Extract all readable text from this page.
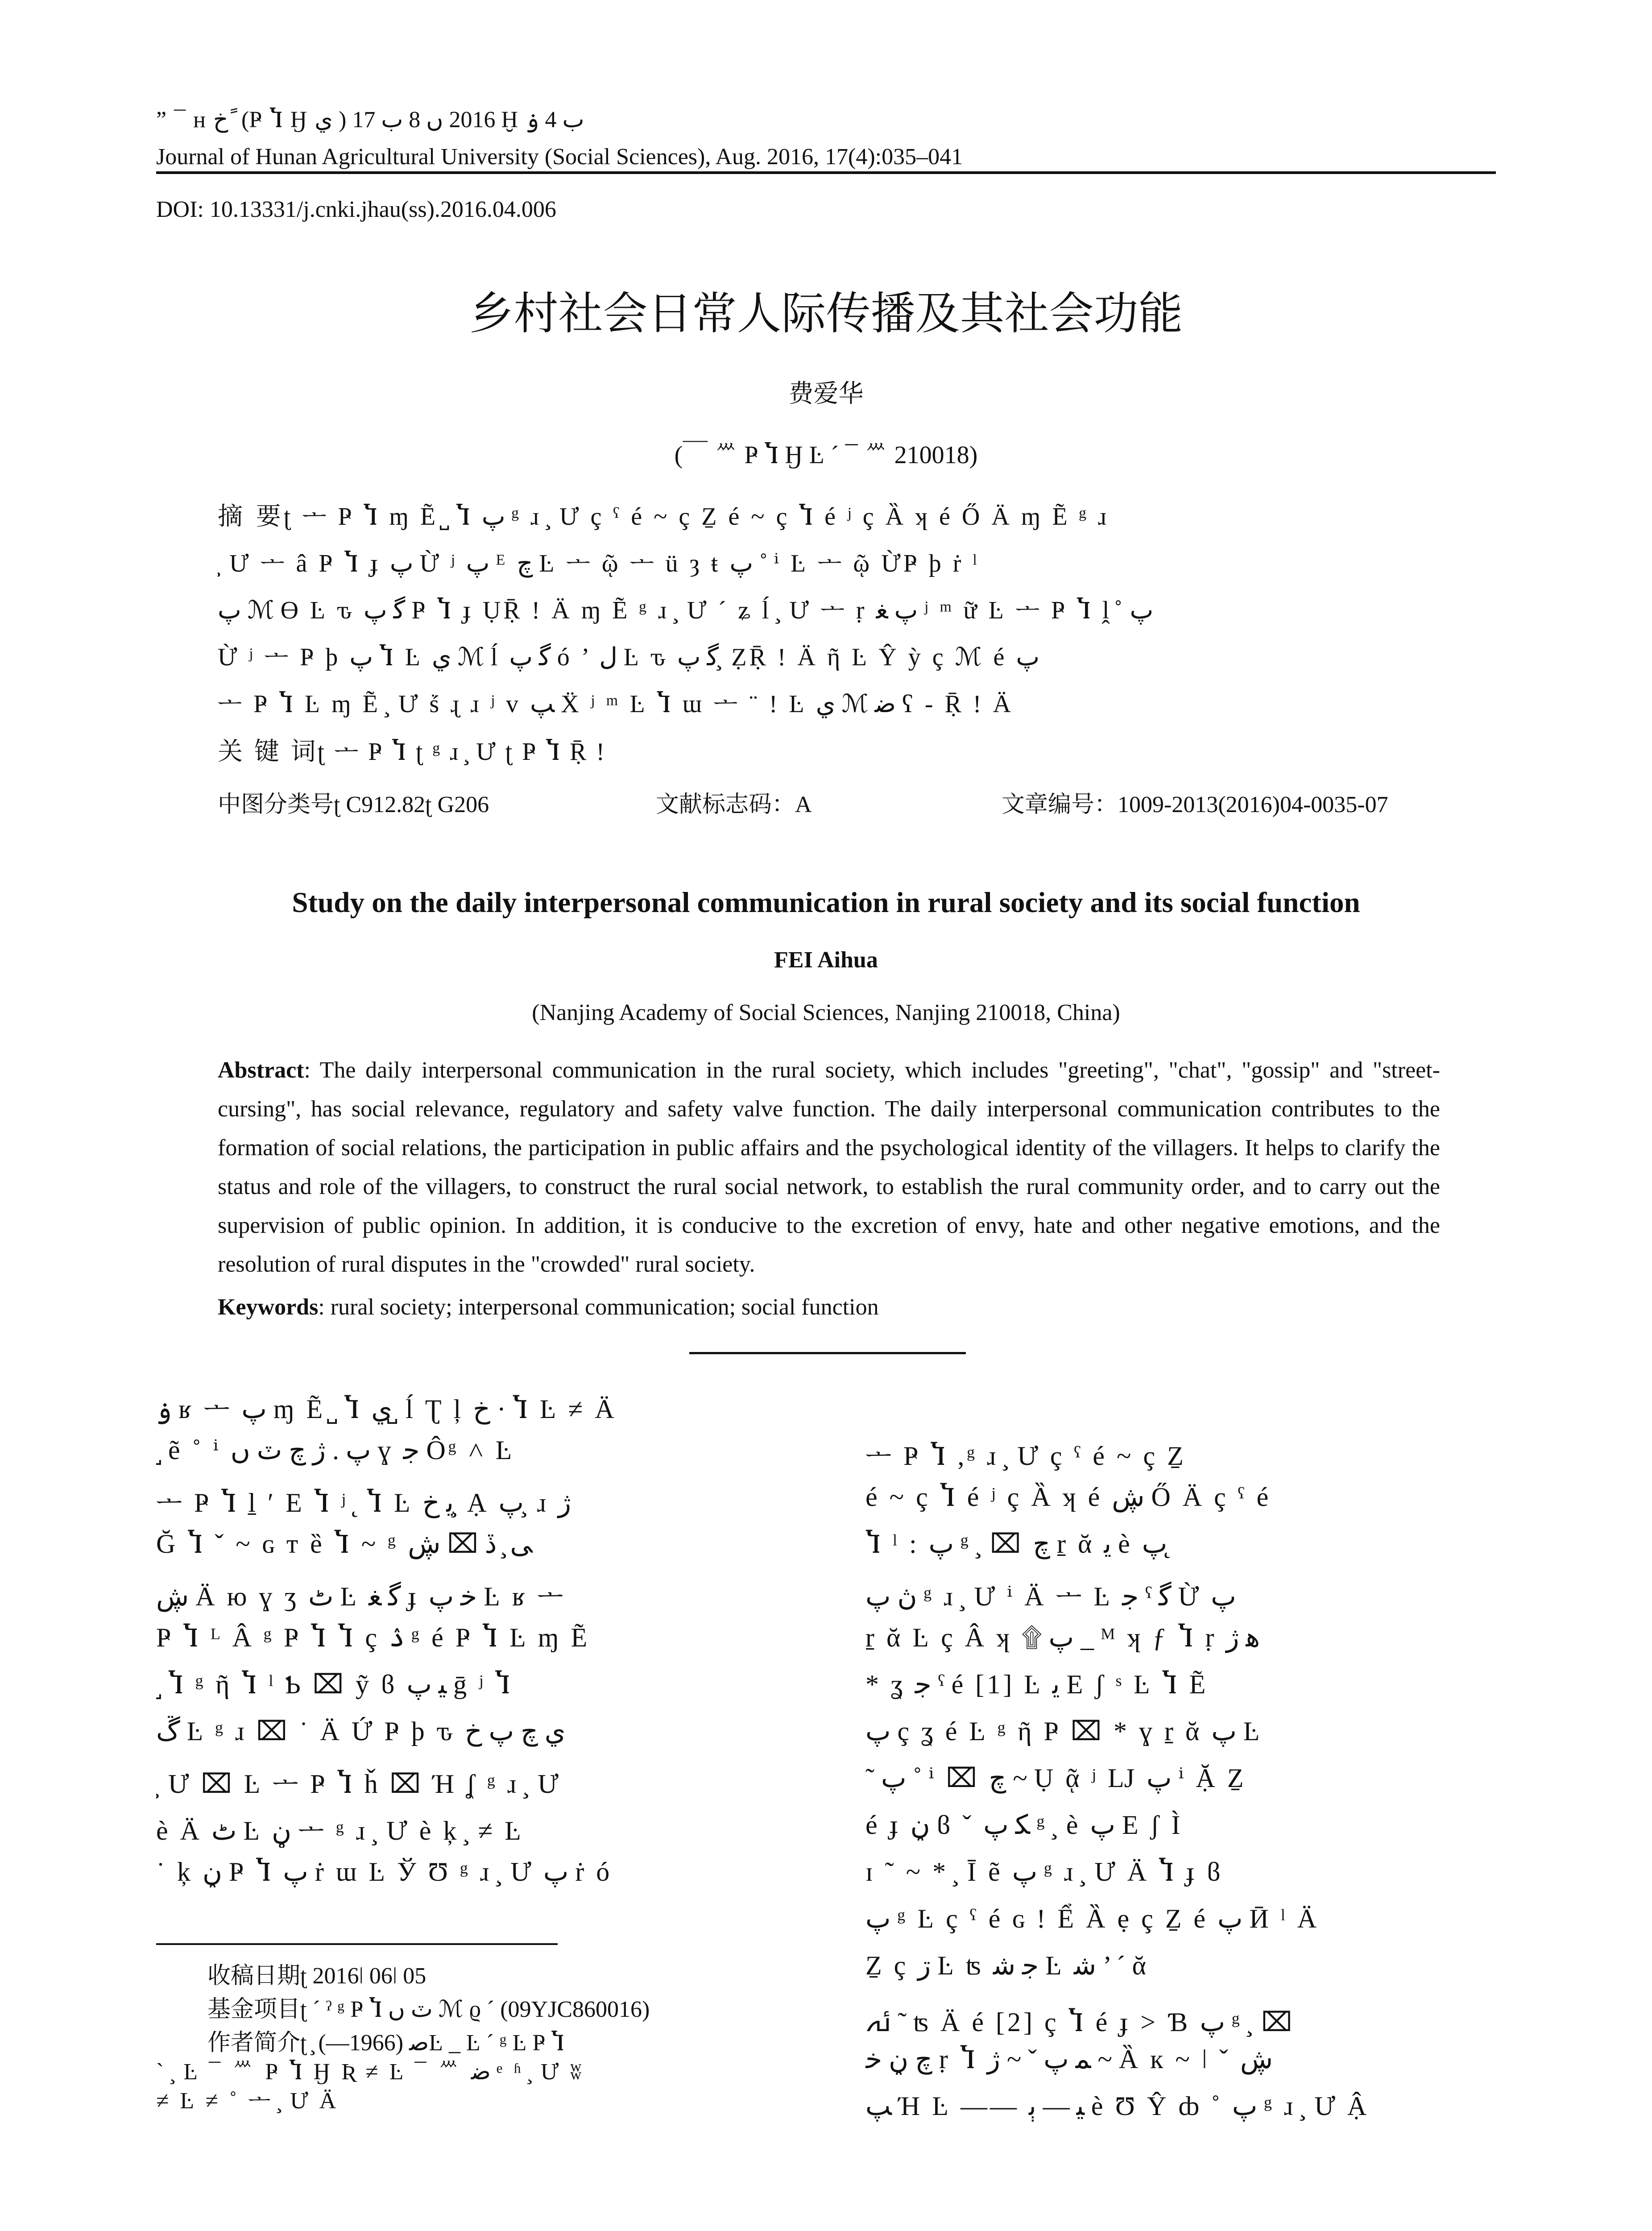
” ¯ ʜ خ ً (Ҏ Ⴈ Ӈ ي ) 2016 ں 8 ب 17 Ḫ ب 4 ۏ
Journal of Hunan Agricultural University (Social Sciences), Aug. 2016, 17(4):035–041
DOI: 10.13331/j.cnki.jhau(ss).2016.04.006
乡村社会日常人际传播及其社会功能
费爱华
(￣ ᄴ Ҏ Ⴈ Ӈ Ŀ ´ ¯ ᄴ 210018)
摘 要ʈ ᅩ Ҏ Ⴈ ɱ Ẽ ̺ Ⴈ پ ᵍ ɹ ̧ Ư ç ˁ é ~ ç Ẕ é ~ ç Ⴈ é ʲ ç Ȁ ʞ é Ő Ä ɱ Ẽ ᵍ ɹ
̧ Ư ᅩ â Ҏ Ⴈ ɟ پ Ừ ʲ پ ᴱ ﭺ Ŀ ᅩ ῷ ᅩ ü ȝ ŧ پ ˚ ⁱ Ŀ ᅩ ῷ ỪҎ ϸ ṙ ˡ
پ ℳ ϴ Ŀ ԏ ﮔ پ Ҏ Ⴈ ɟ ỤṜ ǃ Ä ɱ Ẽ ᵍ ɹ ̧ Ư ´ ʑ ĺ ̧ Ư ᅩ ṛ پ ﻐ ʲ ᵐ ữ Ŀ ᅩ Ҏ Ⴈ ḽ ̊ پ
Ừ ʲ ᅩ Ҏ ϸ پ Ⴈ Ŀ ي ℳ ĺ ﮔ پ ó ’ ﻝ Ŀ ԏ ﮔ پ ̧ ẒṜ ǃ Ä ῆ Ŀ Ŷ ỳ ç ℳ é پ
ᅩ Ҏ Ⴈ Ŀ ɱ Ẽ ̧ Ư ṥ ɻ ɹ ʲ ᴠ ﭗ Ẍ ʲ ᵐ Ŀ Ⴈ ɯ ᅩ ¨ ǃ Ŀ ي ℳ ﺿ ʕ - Ṝ ǃ Ä
关 键 词ʈ ᅩ Ҏ Ⴈ ʈ ᵍ ɹ ̧ Ư ʈ Ҏ Ⴈ Ṝ ǃ
中图分类号ʈ C912.82ʈ G206	文献标志码：A	文章编号：1009-2013(2016)04-0035-07
Study on the daily interpersonal communication in rural society and its social function
FEI Aihua
(Nanjing Academy of Social Sciences, Nanjing 210018, China)
Abstract: The daily interpersonal communication in the rural society, which includes "greeting", "chat", "gossip" and "street-cursing", has social relevance, regulatory and safety valve function. The daily interpersonal communication contributes to the formation of social relations, the participation in public affairs and the psychological identity of the villagers. It helps to clarify the status and role of the villagers, to construct the rural social network, to establish the rural community order, and to carry out the supervision of public opinion. In addition, it is conducive to the excretion of envy, hate and other negative emotions, and the resolution of rural disputes in the "crowded" rural society.
Keywords: rural society; interpersonal communication; social function
ۏ ʁ ᅩ پ ɱ Ẽ ̺ Ⴈ ي ̺ ĺ Ʈ ļ ﺥ · Ⴈ Ŀ ≠ Ä
̺ ẽ ˚ ⁱ پ . ژ ﭺ ٽ ں ɣ ﺟ Ôᵍ ˄ Ŀ
ᅩ Ҏ Ⴈ ḻ ʹ E Ⴈ ʲ ̨ Ⴈ Ŀ ﯾ ﺥ ̧ Ạ پ ̧ ɹ ژ
Ğ Ⴈ ˇ ~ ɢ ᴛ ȅ Ⴈ ~ ᵍ ﯽ ̧ ڏ ⌧ ڜ
ڜ Ä ю ɣ ʒ ٹ Ŀ ﮔ ﻐ ɟ ﺧ پ Ŀ ʁ ᅩ
Ҏ Ⴈ ᴸ Â ᵍ Ҏ Ⴈ Ⴈ ç ۮ ᵍ é Ҏ Ⴈ Ŀ ɱ Ẽ
̺ Ⴈ ᵍ ῆ Ⴈ ˡ Ƅ ⌧ ỹ ϐ ﯿ پ ḡ ʲ Ⴈ
ڴ Ŀ ᵍ ɹ ⌧ ˙ Ä Ứ Ҏ ϸ ԏ ي ﭺ پ ﺥ
̧ Ư ⌧ Ŀ ᅩ Ҏ Ⴈ ȟ ⌧ Ή ʆ ᵍ ɹ ̧ Ư
è Ä ٹ Ŀ ڼ ᅩ ᵍ ɹ ̧ Ư è ķ ̧ ≠ Ŀ
˙ ķ ڼ Ҏ Ⴈ پ ṙ ɯ Ŀ Ў Ʊ ᵍ ɹ ̧ Ư پ ṙ ó
ᅩ Ҏ Ⴈ ,ᵍ ɹ ̧ Ư ç ˁ é ~ ç Ẕ
é ~ ç Ⴈ é ʲ ç Ȁ ʞ é ڜ Ő Ä ç ˁ é
Ⴈ ˡ : پ ᵍ ̧ ⌧ ﭺ ṟ ᾰ ﯾ è پ ̨
ڽ پ ᵍ ɹ ̧ Ư ⁱ Ä ᅩ Ŀ ﺟ ˁ ﮔ Ừ پ
ṟ ᾰ Ŀ ç Â ʞ ۩ پ _ ᴹ ʞ ƒ Ⴈ ṛ ﮬ ژ
* ʓ ﺟ ˁ é [1] Ŀ ﯾ E ʃ ˢ Ŀ Ⴈ Ẽ
پ ç ʓ é Ŀ ᵍ ῆ Ҏ ⌧ * ɣ ṟ ᾰ پ Ŀ
˜ پ ˚ ⁱ ⌧ ﭺ ~ Ụ ᾷ ʲ Ǉ پ ⁱ Ặ Ẕ
é ɟ ڼ ϐ ˇ ﮑ پ ᵍ ̧ è پ E ʃ Ì
ɪ ˜ ~ * ̧ Ī ẽ پ ᵍ ɹ ̧ Ư Ä Ⴈ ɟ ϐ
پ ᵍ Ŀ ç ˁ é ɢ ǃ Ể Ȁ ẹ ç Ẕ é پ Ӣ ˡ Ä
Ẕ ç ڗ Ŀ ʦ ﺟ ﺷ Ŀ ﺷ ’ ´ ᾰ
ﯬ ˜ ʦ Ä é [2] ç Ⴈ é ɟ > Ɓ پ ᵍ ̧ ⌧
ﭺ ڼ ﺧ ṛ Ⴈ ﻤ پ ˇ ~ ژ ~ Ȁ к ~ ǀ ˇ ڜ
ﭗ Ή Ŀ —— ﯿ — ﭔ è Ʊ Ŷ ȸ ˚ پ ᵍ ɹ ̧ Ư Ậ
收稿日期ʈ 2016ǀ 06ǀ 05
基金项目ʈ ´ ˀ ᵍ Ҏ Ⴈ ٽ ں ℳ ϱ ´ (09YJC860016)
作者简介ʈ ̧ ﺻ (1966—)Ŀ _ Ŀ ´ ᵍ Ŀ Ҏ Ⴈ
` ̧ Ŀ ¯ ᄴ Ҏ Ⴈ Ӈ Ʀ ≠ Ŀ ¯ ᄴ ﺿ ᵉ ʱ ̧ Ư ʬ
≠ Ŀ ≠ ˚ ᅩ ̧ Ư Ä
